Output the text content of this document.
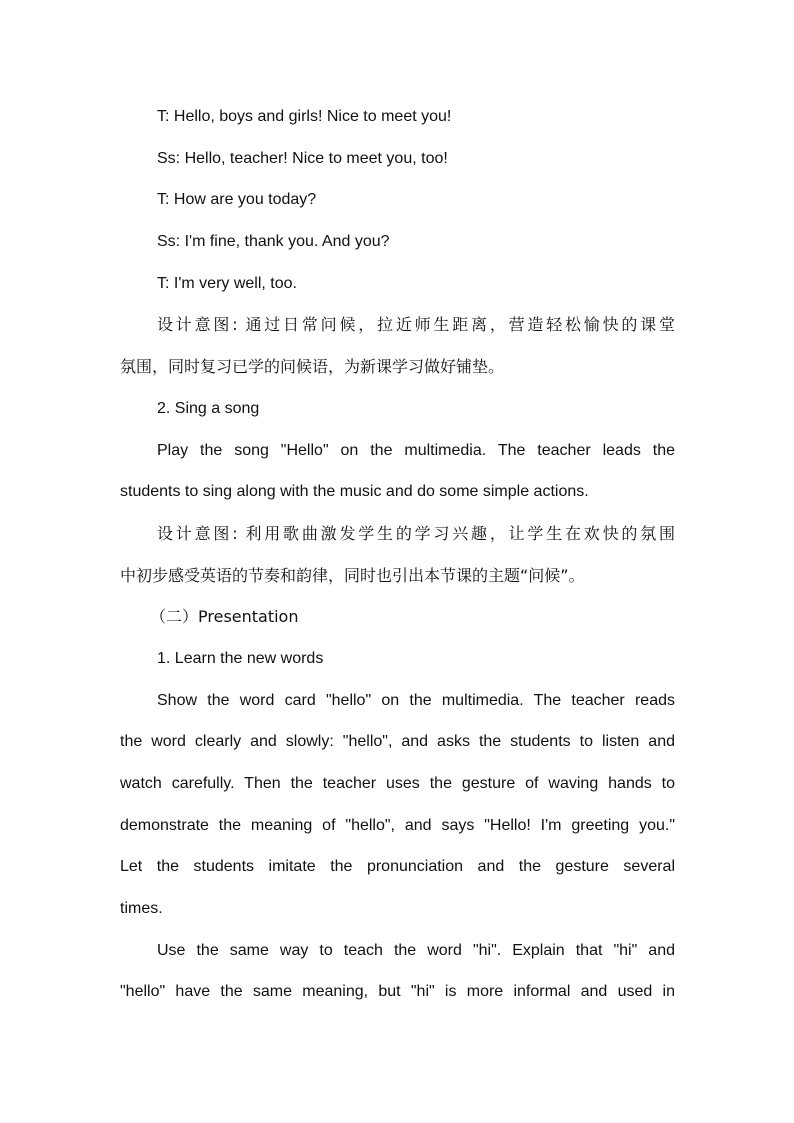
T: Hello, boys and girls! Nice to meet you!
Ss: Hello, teacher! Nice to meet you, too!
T: How are you today?
Ss: I'm fine, thank you. And you?
T: I'm very well, too.
设计意图: 通过日常问候，拉近师生距离，营造轻松愉快的课堂
氛围，同时复习已学的问候语，为新课学习做好铺垫。
2. Sing a song
Play the song "Hello" on the multimedia. The teacher leads the
students to sing along with the music and do some simple actions.
设计意图: 利用歌曲激发学生的学习兴趣，让学生在欢快的氛围
中初步感受英语的节奏和韵律，同时也引出本节课的主题“问候”。
（二）Presentation
1. Learn the new words
Show the word card "hello" on the multimedia. The teacher reads
the word clearly and slowly: "hello", and asks the students to listen and
watch carefully. Then the teacher uses the gesture of waving hands to
demonstrate the meaning of "hello", and says "Hello! I'm greeting you."
Let the students imitate the pronunciation and the gesture several
times.
Use the same way to teach the word "hi". Explain that "hi" and
"hello" have the same meaning, but "hi" is more informal and used in
